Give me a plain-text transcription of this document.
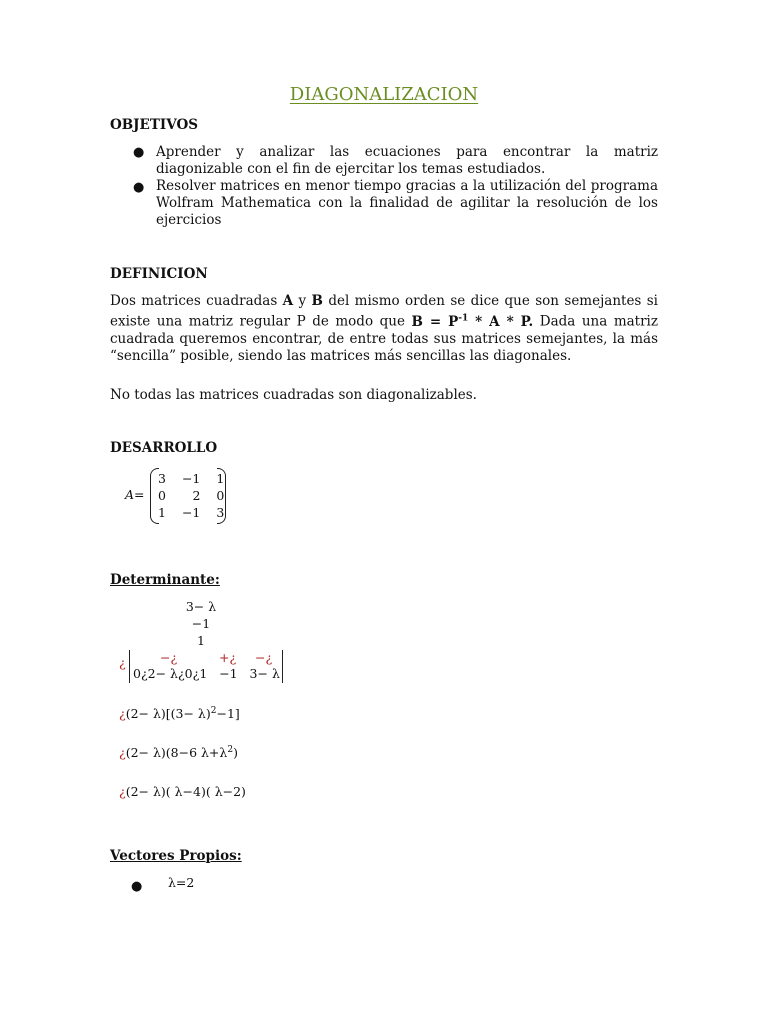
DIAGONALIZACION
OBJETIVOS
● Aprender y analizar las ecuaciones para encontrar la matriz diagonizable con el fin de ejercitar los temas estudiados.
● Resolver matrices en menor tiempo gracias a la utilización del programa Wolfram Mathematica con la finalidad de agilitar la resolución de los ejercicios
DEFINICION
Dos matrices cuadradas A y B del mismo orden se dice que son semejantes si existe una matriz regular P de modo que $B = P^{-1} * A * P$. Dada una matriz cuadrada queremos encontrar, de entre todas sus matrices semejantes, la más “sencilla” posible, siendo las matrices más sencillas las diagonales.
No todas las matrices cuadradas son diagonalizables.
DESARROLLO
A=
3	−1	1
0	2	0
1	−1	3
Determinante:
3− λ
−1
1
¿	−¿	+¿ −¿
0¿2− λ¿0¿1   −1   3− λ
¿$(2- \lambda)[(3- \lambda)^2-1]$
¿(2− λ)(8−6 $\lambda+\lambda^2$)
¿(2− λ)( λ−4)( λ−2)
Vectores Propios:
● λ=2
